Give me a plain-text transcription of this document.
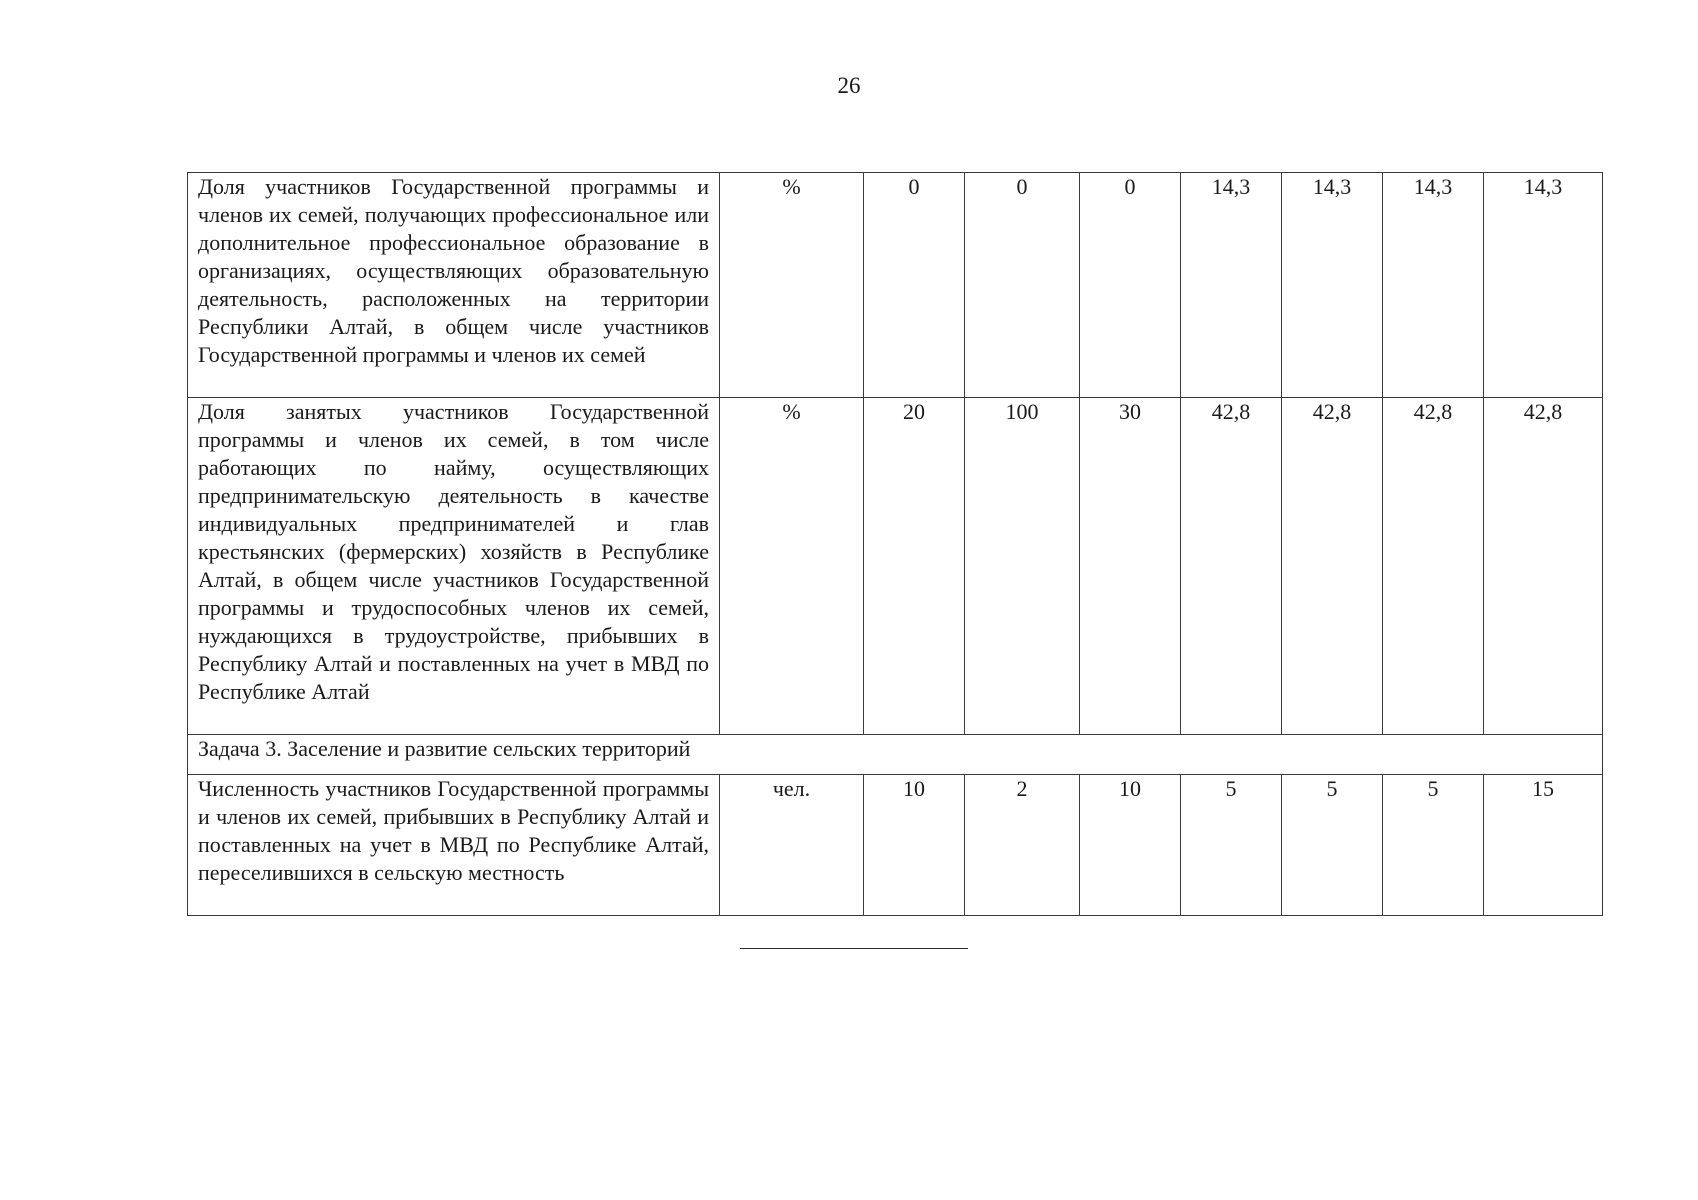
26
Доля участников Государственной программы и членов их семей, получающих профессиональное или дополнительное профессиональное образование в организациях, осуществляющих образовательную деятельность, расположенных на территории Республики Алтай, в общем числе участников Государственной программы и членов их семей	%	0	0	0	14,3	14,3	14,3	14,3
Доля занятых участников Государственной программы и членов их семей, в том числе работающих по найму, осуществляющих предпринимательскую деятельность в качестве индивидуальных предпринимателей и глав крестьянских (фермерских) хозяйств в Республике Алтай, в общем числе участников Государственной программы и трудоспособных членов их семей, нуждающихся в трудоустройстве, прибывших в Республику Алтай и поставленных на учет в МВД по Республике Алтай	%	20	100	30	42,8	42,8	42,8	42,8
Задача 3. Заселение и развитие сельских территорий								
Численность участников Государственной программы и членов их семей, прибывших в Республику Алтай и поставленных на учет в МВД по Республике Алтай, переселившихся в сельскую местность	чел.	10	2	10	5	5	5	15
